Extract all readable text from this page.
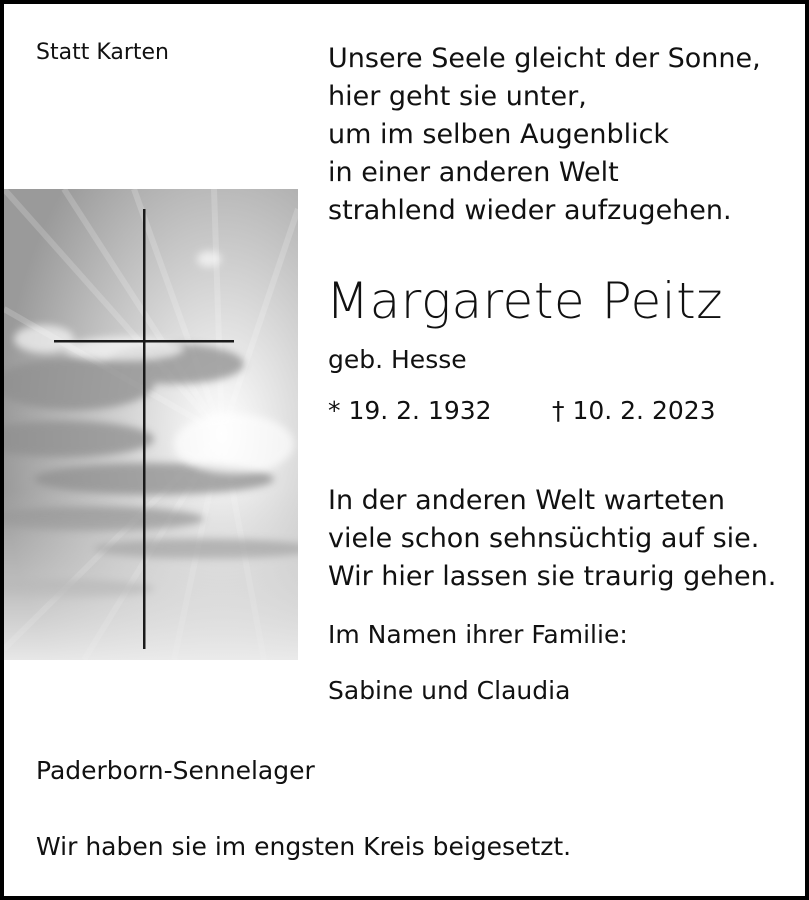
Statt Karten	Unsere Seele gleicht der Sonne,
hier geht sie unter,
um im selben Augenblick
in einer anderen Welt
strahlend wieder aufzugehen.
Margarete Peitz
geb. Hesse
* 19. 2. 1932 † 10. 2. 2023
In der anderen Welt warteten
viele schon sehnsüchtig auf sie.
Wir hier lassen sie traurig gehen.
Im Namen ihrer Familie:
Sabine und Claudia
Paderborn-Sennelager
Wir haben sie im engsten Kreis beigesetzt.
